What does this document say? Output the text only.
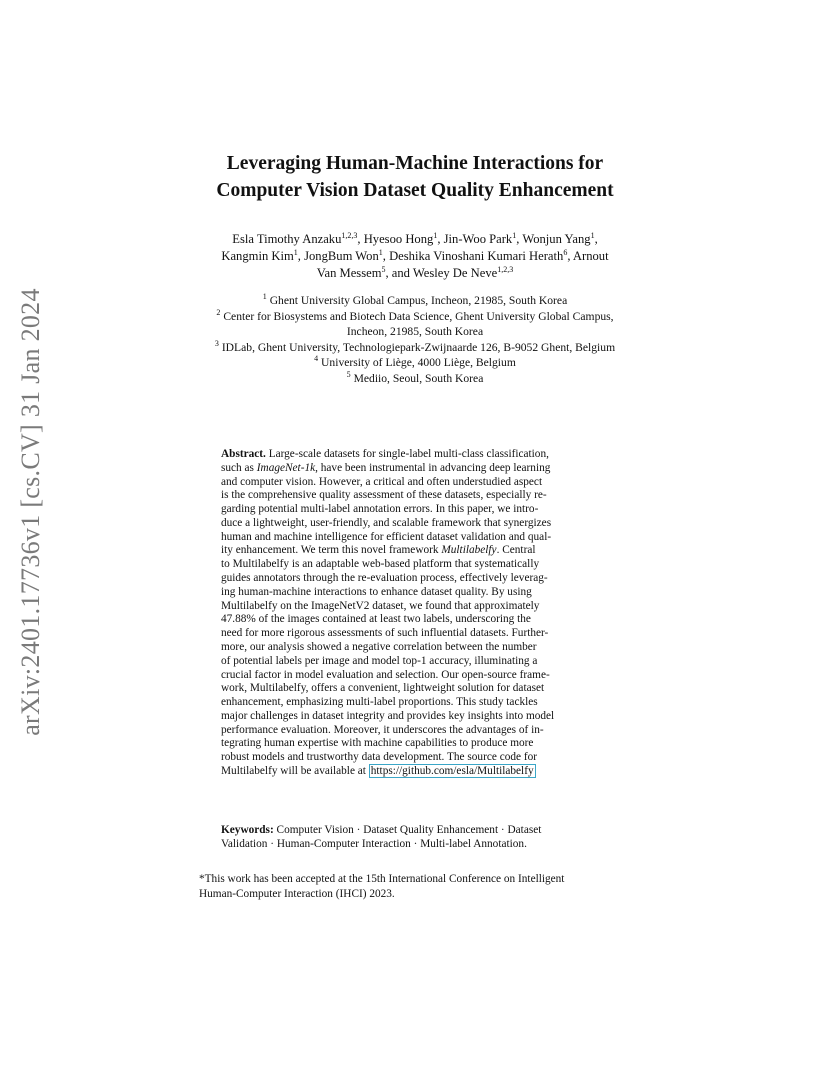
arXiv:2401.17736v1 [cs.CV] 31 Jan 2024
Leveraging Human-Machine Interactions for
Computer Vision Dataset Quality Enhancement
Esla Timothy Anzaku$^{1,2,3}$, Hyesoo Hong$^1$, Jin-Woo Park$^1$, Wonjun Yang$^1$,
Kangmin Kim$^1$, JongBum Won$^1$, Deshika Vinoshani Kumari Herath$^6$, Arnout
Van Messem$^5$, and Wesley De Neve$^{1,2,3}$
$^1$ Ghent University Global Campus, Incheon, 21985, South Korea
$^2$ Center for Biosystems and Biotech Data Science, Ghent University Global Campus,
Incheon, 21985, South Korea
$^3$ IDLab, Ghent University, Technologiepark-Zwijnaarde 126, B-9052 Ghent, Belgium
$^4$ University of Liège, 4000 Liège, Belgium
$^5$ Mediio, Seoul, South Korea
Abstract. Large-scale datasets for single-label multi-class classification,
such as ImageNet-1k, have been instrumental in advancing deep learning
and computer vision. However, a critical and often understudied aspect
is the comprehensive quality assessment of these datasets, especially re-
garding potential multi-label annotation errors. In this paper, we intro-
duce a lightweight, user-friendly, and scalable framework that synergizes
human and machine intelligence for efficient dataset validation and qual-
ity enhancement. We term this novel framework Multilabelfy. Central
to Multilabelfy is an adaptable web-based platform that systematically
guides annotators through the re-evaluation process, effectively leverag-
ing human-machine interactions to enhance dataset quality. By using
Multilabelfy on the ImageNetV2 dataset, we found that approximately
47.88% of the images contained at least two labels, underscoring the
need for more rigorous assessments of such influential datasets. Further-
more, our analysis showed a negative correlation between the number
of potential labels per image and model top-1 accuracy, illuminating a
crucial factor in model evaluation and selection. Our open-source frame-
work, Multilabelfy, offers a convenient, lightweight solution for dataset
enhancement, emphasizing multi-label proportions. This study tackles
major challenges in dataset integrity and provides key insights into model
performance evaluation. Moreover, it underscores the advantages of in-
tegrating human expertise with machine capabilities to produce more
robust models and trustworthy data development. The source code for
Multilabelfy will be available at https://github.com/esla/Multilabelfy
Keywords: Computer Vision · Dataset Quality Enhancement · Dataset
Validation · Human-Computer Interaction · Multi-label Annotation.
*This work has been accepted at the 15th International Conference on Intelligent
Human-Computer Interaction (IHCI) 2023.
